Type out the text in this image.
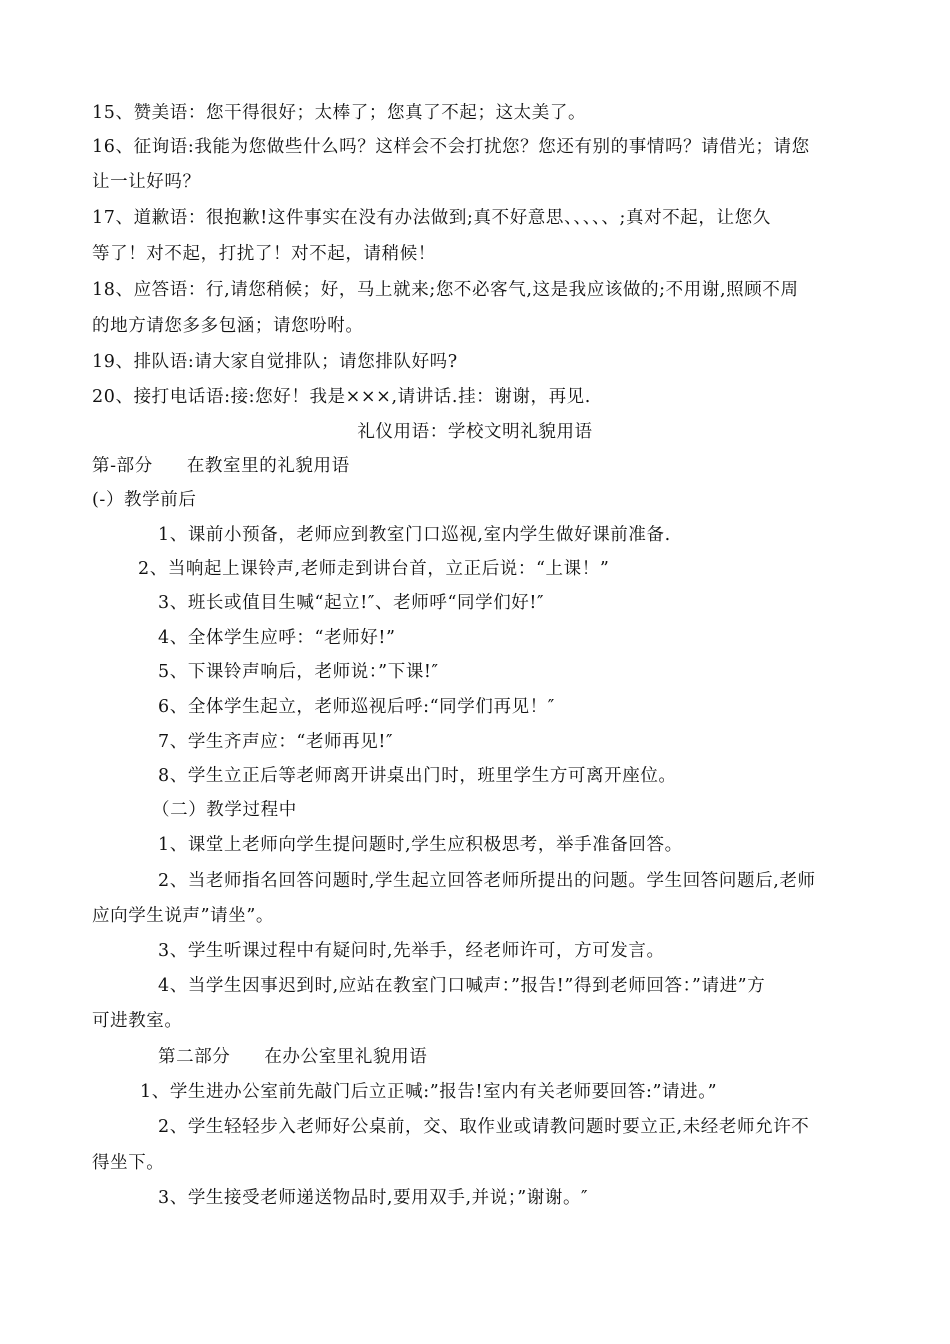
15、赞美语：您干得很好；太棒了；您真了不起；这太美了。
16、征询语:我能为您做些什么吗？这样会不会打扰您？您还有别的事情吗？请借光；请您
让一让好吗？
17、道歉语：很抱歉!这件事实在没有办法做到;真不好意思、、、、、;真对不起，让您久
等了！对不起，打扰了！对不起，请稍候！
18、应答语：行,请您稍候；好，马上就来;您不必客气,这是我应该做的;不用谢,照顾不周
的地方请您多多包涵；请您吩咐。
19、排队语:请大家自觉排队；请您排队好吗?
20、接打电话语:接:您好！我是×××,请讲话.挂：谢谢，再见.
礼仪用语：学校文明礼貌用语
第-部分 在教室里的礼貌用语
(-）教学前后
1、课前小预备，老师应到教室门口巡视,室内学生做好课前准备.
2、当响起上课铃声,老师走到讲台首，立正后说：“上课！”
3、班长或值目生喊“起立!″、老师呼“同学们好!″
4、全体学生应呼：“老师好!”
5、下课铃声响后，老师说：”下课!″
6、全体学生起立，老师巡视后呼:“同学们再见！″
7、学生齐声应：“老师再见!″
8、学生立正后等老师离开讲桌出门时，班里学生方可离开座位。
（二）教学过程中
1、课堂上老师向学生提问题时,学生应积极思考，举手准备回答。
2、当老师指名回答问题时,学生起立回答老师所提出的问题。学生回答问题后,老师
应向学生说声”请坐”。
3、学生听课过程中有疑问时,先举手，经老师许可，方可发言。
4、当学生因事迟到时,应站在教室门口喊声：”报告!”得到老师回答：”请进”方
可进教室。
第二部分 在办公室里礼貌用语
1、学生进办公室前先敲门后立正喊:”报告!室内有关老师要回答:”请进。”
2、学生轻轻步入老师好公桌前，交、取作业或请教问题时要立正,未经老师允许不
得坐下。
3、学生接受老师递送物品时,要用双手,并说；”谢谢。″
